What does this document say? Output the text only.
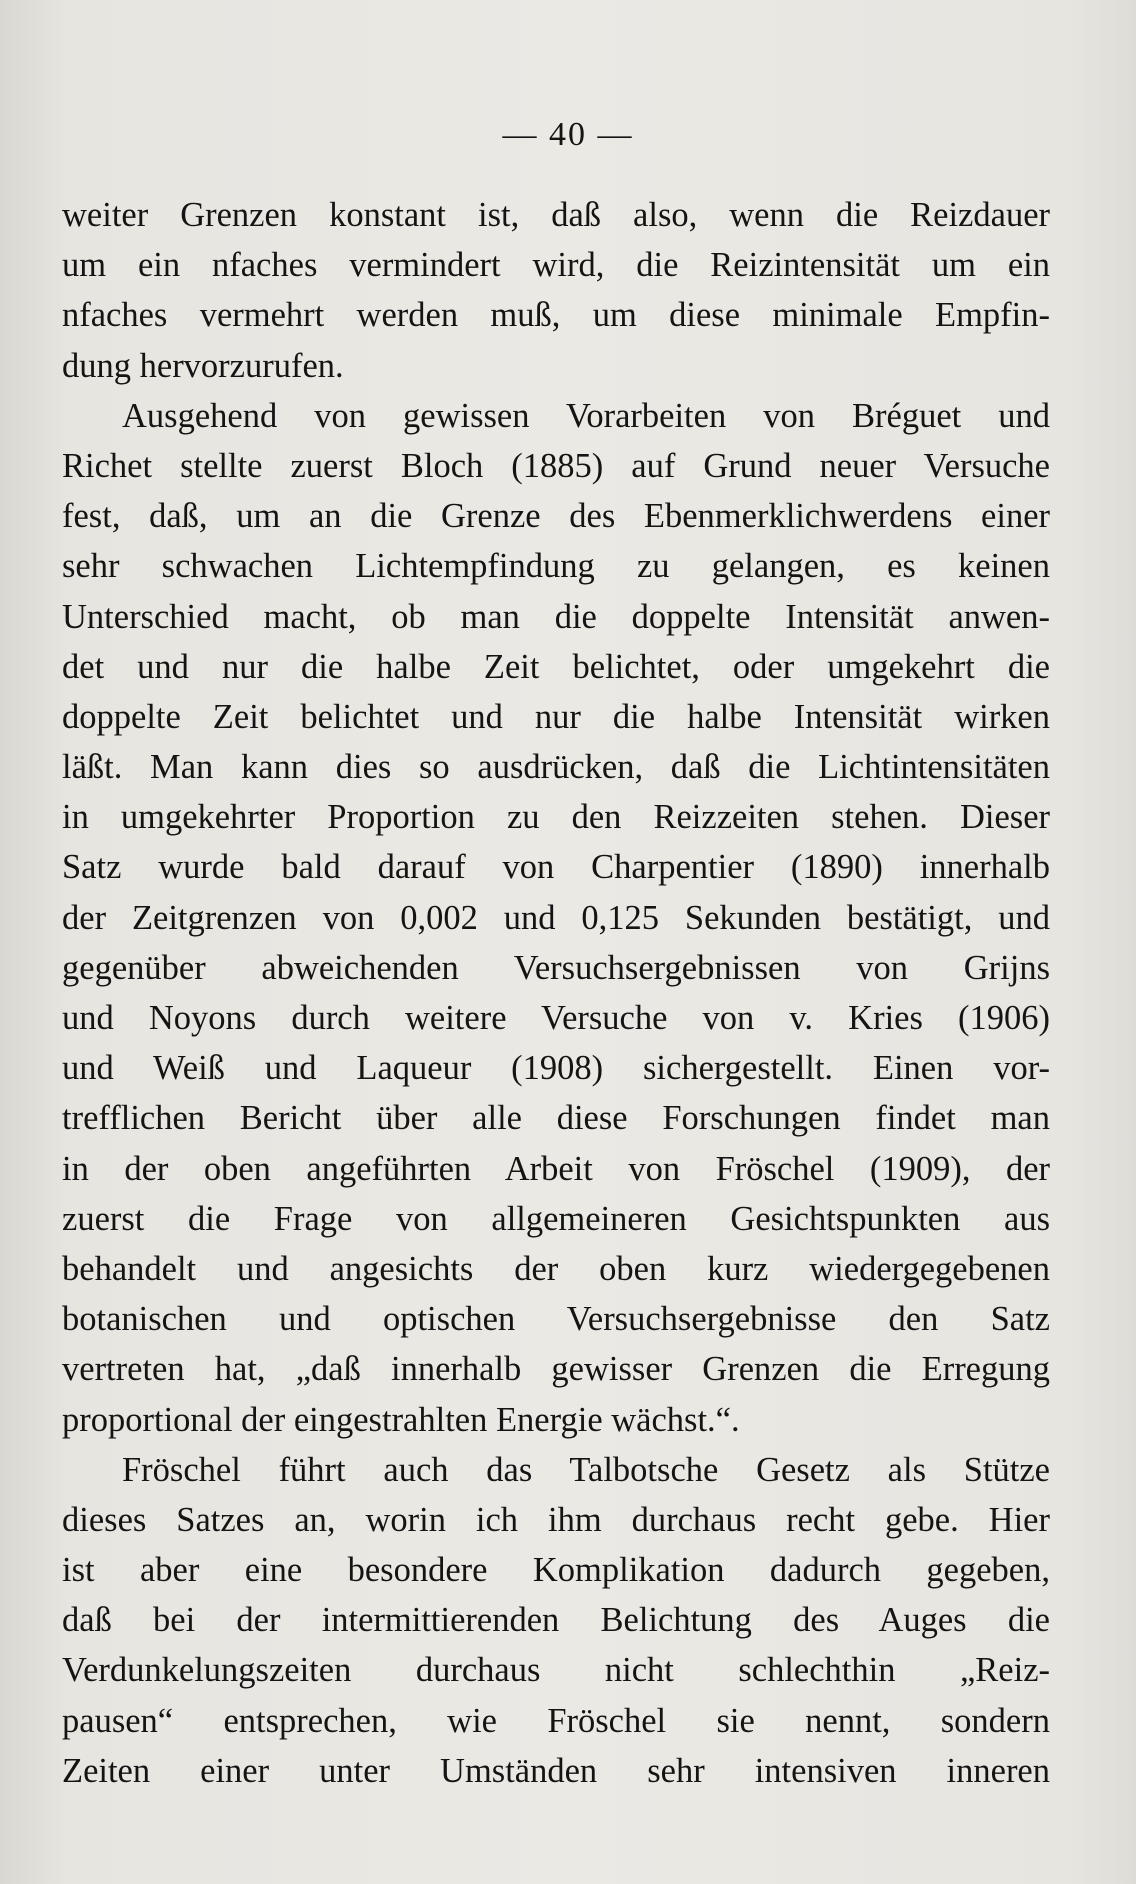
— 40 —
weiter Grenzen konstant ist, daß also, wenn die Reizdauer
um ein nfaches vermindert wird, die Reizintensität um ein
nfaches vermehrt werden muß, um diese minimale Empfin-
dung hervorzurufen.
Ausgehend von gewissen Vorarbeiten von Bréguet und
Richet stellte zuerst Bloch (1885) auf Grund neuer Versuche
fest, daß, um an die Grenze des Ebenmerklichwerdens einer
sehr schwachen Lichtempfindung zu gelangen, es keinen
Unterschied macht, ob man die doppelte Intensität anwen-
det und nur die halbe Zeit belichtet, oder umgekehrt die
doppelte Zeit belichtet und nur die halbe Intensität wirken
läßt. Man kann dies so ausdrücken, daß die Lichtintensitäten
in umgekehrter Proportion zu den Reizzeiten stehen. Dieser
Satz wurde bald darauf von Charpentier (1890) innerhalb
der Zeitgrenzen von 0,002 und 0,125 Sekunden bestätigt, und
gegenüber abweichenden Versuchsergebnissen von Grijns
und Noyons durch weitere Versuche von v. Kries (1906)
und Weiß und Laqueur (1908) sichergestellt. Einen vor-
trefflichen Bericht über alle diese Forschungen findet man
in der oben angeführten Arbeit von Fröschel (1909), der
zuerst die Frage von allgemeineren Gesichtspunkten aus
behandelt und angesichts der oben kurz wiedergegebenen
botanischen und optischen Versuchsergebnisse den Satz
vertreten hat, „daß innerhalb gewisser Grenzen die Erregung
proportional der eingestrahlten Energie wächst.“.
Fröschel führt auch das Talbotsche Gesetz als Stütze
dieses Satzes an, worin ich ihm durchaus recht gebe. Hier
ist aber eine besondere Komplikation dadurch gegeben,
daß bei der intermittierenden Belichtung des Auges die
Verdunkelungszeiten durchaus nicht schlechthin „Reiz-
pausen“ entsprechen, wie Fröschel sie nennt, sondern
Zeiten einer unter Umständen sehr intensiven inneren
